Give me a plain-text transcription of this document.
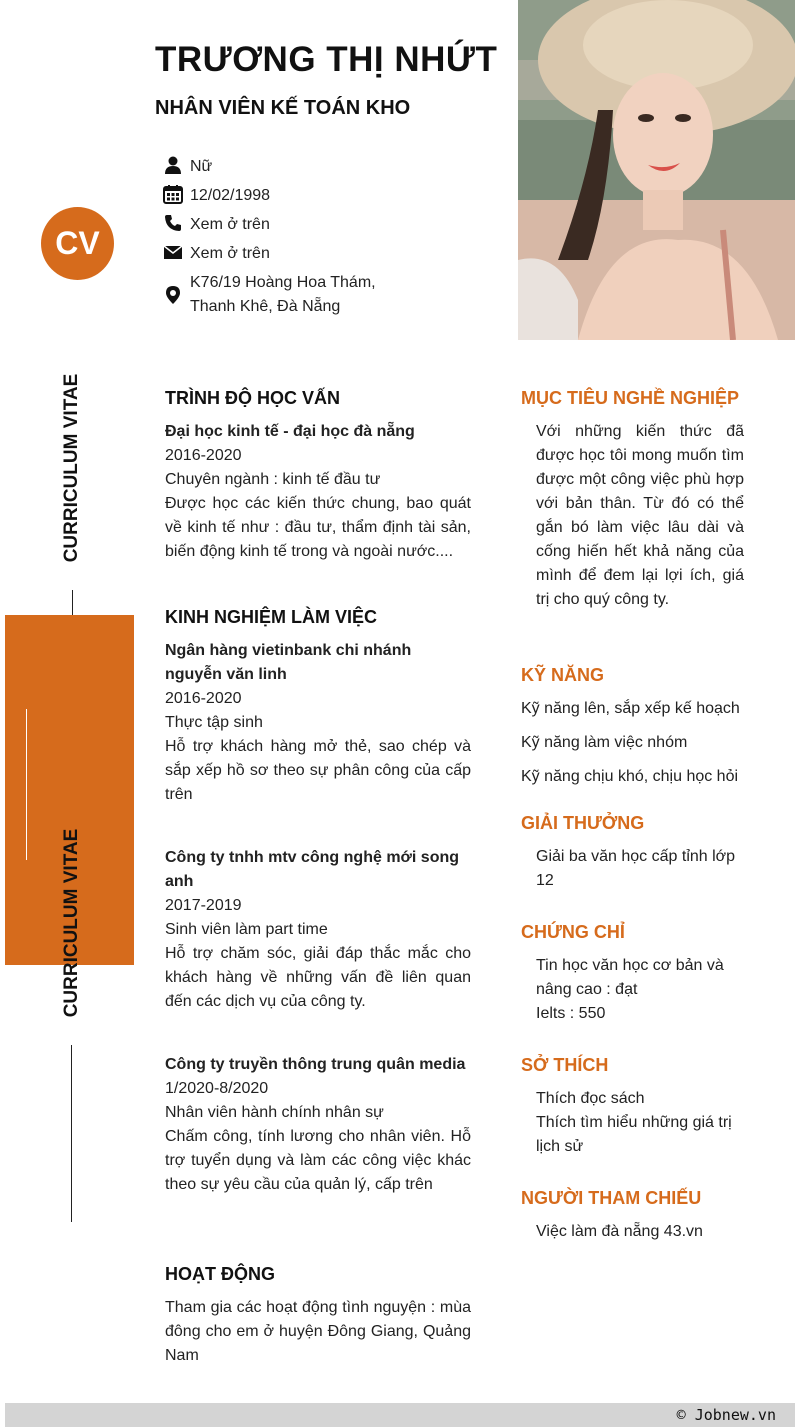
TRƯƠNG THỊ NHỨT
NHÂN VIÊN KẾ TOÁN KHO
CV
Nữ
12/02/1998
Xem ở trên
Xem ở trên
K76/19 Hoàng Hoa Thám,
Thanh Khê, Đà Nẵng
CURRICULUM VITAE
CURRICULUM VITAE
TRÌNH ĐỘ HỌC VẤN
Đại học kinh tế - đại học đà nẵng
2016-2020
Chuyên ngành : kinh tế đầu tư
Được học các kiến thức chung, bao quát về kinh tế như : đầu tư, thẩm định tài sản, biến động kinh tế trong và ngoài nước....
KINH NGHIỆM LÀM VIỆC
Ngân hàng vietinbank chi nhánh nguyễn văn linh
2016-2020
Thực tập sinh
Hỗ trợ khách hàng mở thẻ, sao chép và sắp xếp hồ sơ theo sự phân công của cấp trên
Công ty tnhh mtv công nghệ mới song anh
2017-2019
Sinh viên làm part time
Hỗ trợ chăm sóc, giải đáp thắc mắc cho khách hàng về những vấn đề liên quan đến các dịch vụ của công ty.
Công ty truyền thông trung quân media
1/2020-8/2020
Nhân viên hành chính nhân sự
Chấm công, tính lương cho nhân viên. Hỗ trợ tuyển dụng và làm các công việc khác theo sự yêu cầu của quản lý, cấp trên
HOẠT ĐỘNG
Tham gia các hoạt động tình nguyện : mùa đông cho em ở huyện Đông Giang, Quảng Nam
MỤC TIÊU NGHỀ NGHIỆP
Với những kiến thức đã được học tôi mong muốn tìm được một công việc phù hợp với bản thân. Từ đó có thể gắn bó làm việc lâu dài và cống hiến hết khả năng của mình để đem lại lợi ích, giá trị cho quý công ty.
KỸ NĂNG
Kỹ năng lên, sắp xếp kế hoạch
Kỹ năng làm việc nhóm
Kỹ năng chịu khó, chịu học hỏi
GIẢI THƯỞNG
Giải ba văn học cấp tỉnh lớp 12
CHỨNG CHỈ
Tin học văn học cơ bản và nâng cao : đạt
Ielts : 550
SỞ THÍCH
Thích đọc sách
Thích tìm hiểu những giá trị lịch sử
NGƯỜI THAM CHIẾU
Việc làm đà nẵng 43.vn
© Jobnew.vn
